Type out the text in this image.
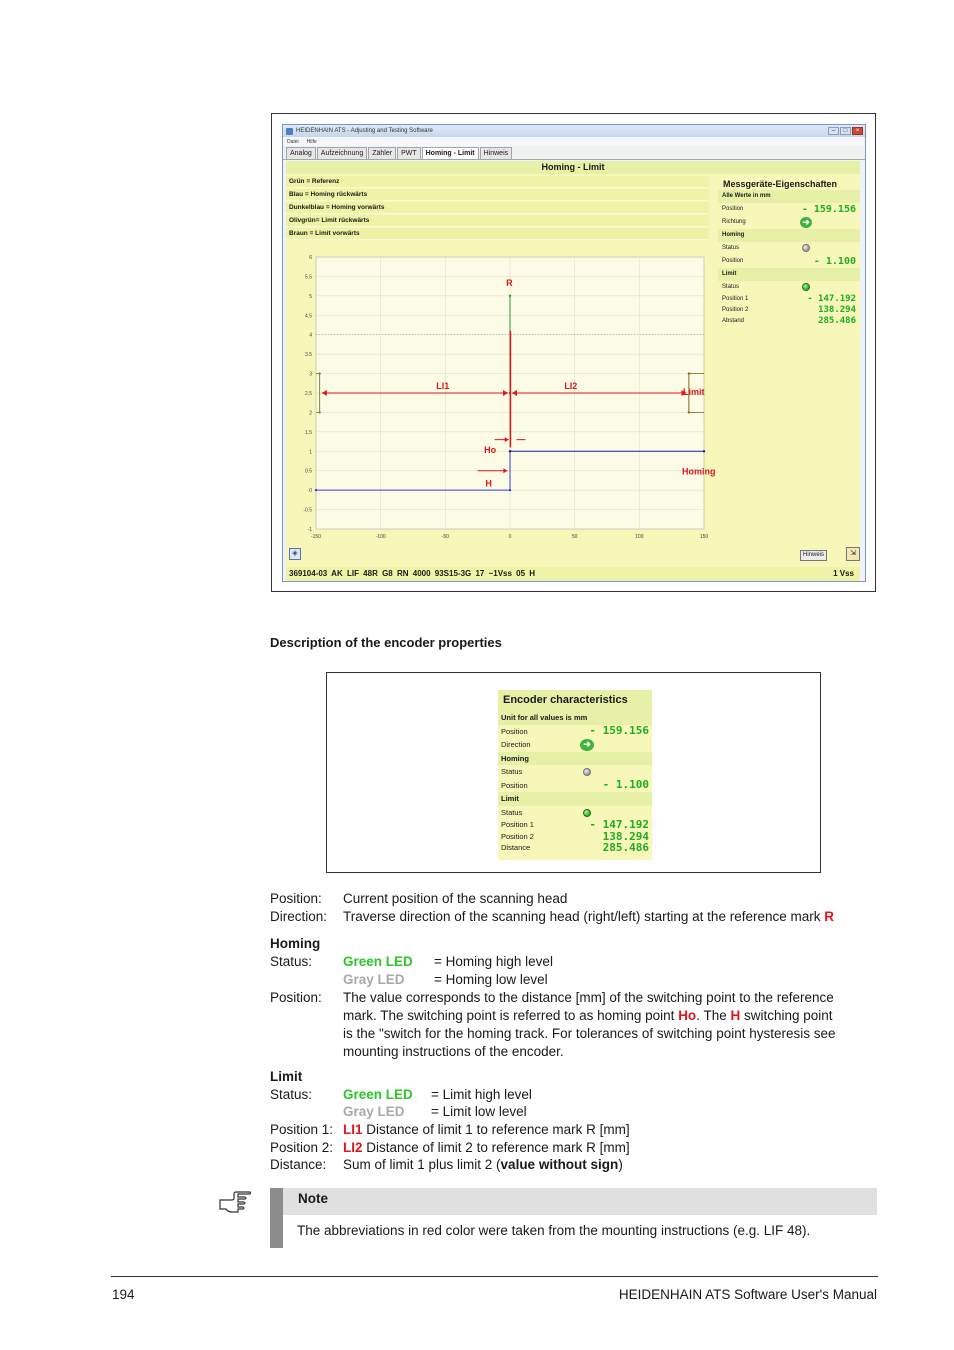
HEIDENHAIN ATS - Adjusting and Testing Software	–	□	×
Datei Hilfe
Analog	Aufzeichnung	Zähler	PWT	Homing - Limit	Hinweis
Homing - Limit
Grün = Referenz
Blau = Homing rückwärts
Dunkelblau = Homing vorwärts
Olivgrün= Limit rückwärts
Braun = Limit vorwärts
-1
-0.5
0
0.5
1
1.5
2
2.5
3
3.5
4
4.5
5
5.5
6
-150	-100	-50	0	50	100	150
R
LI1	LI2
Limit
Ho
H
Homing
Messgeräte-Eigenschaften
Alle Werte in mm
Position	- 159.156
Richtung	➜
Homing
Status
Position	- 1.100
Limit
Status
Position 1	- 147.192
Position 2	138.294
Abstand	285.486
◈	Hinweis	⇲
369104-03 AK LIF 48R G8 RN 4000 93S15-3G 17 ~1Vss 05 H	1 Vss
Description of the encoder properties
Encoder characteristics
Unit for all values is mm
Position	- 159.156
Direction	➜
Homing
Status
Position	- 1.100
Limit
Status
Position 1	- 147.192
Position 2	138.294
Distance	285.486
Position: Current position of the scanning head
Direction: Traverse direction of the scanning head (right/left) starting at the reference mark R
Homing
Status: Green LED = Homing high level
Gray LED = Homing low level
Position: The value corresponds to the distance [mm] of the switching point to the reference
mark. The switching point is referred to as homing point Ho. The H switching point
is the "switch for the homing track. For tolerances of switching point hysteresis see
mounting instructions of the encoder.
Limit
Status: Green LED = Limit high level
Gray LED = Limit low level
Position 1: LI1 Distance of limit 1 to reference mark R [mm]
Position 2: LI2 Distance of limit 2 to reference mark R [mm]
Distance: Sum of limit 1 plus limit 2 (value without sign)
Note
The abbreviations in red color were taken from the mounting instructions (e.g. LIF 48).
194	HEIDENHAIN ATS Software User's Manual
